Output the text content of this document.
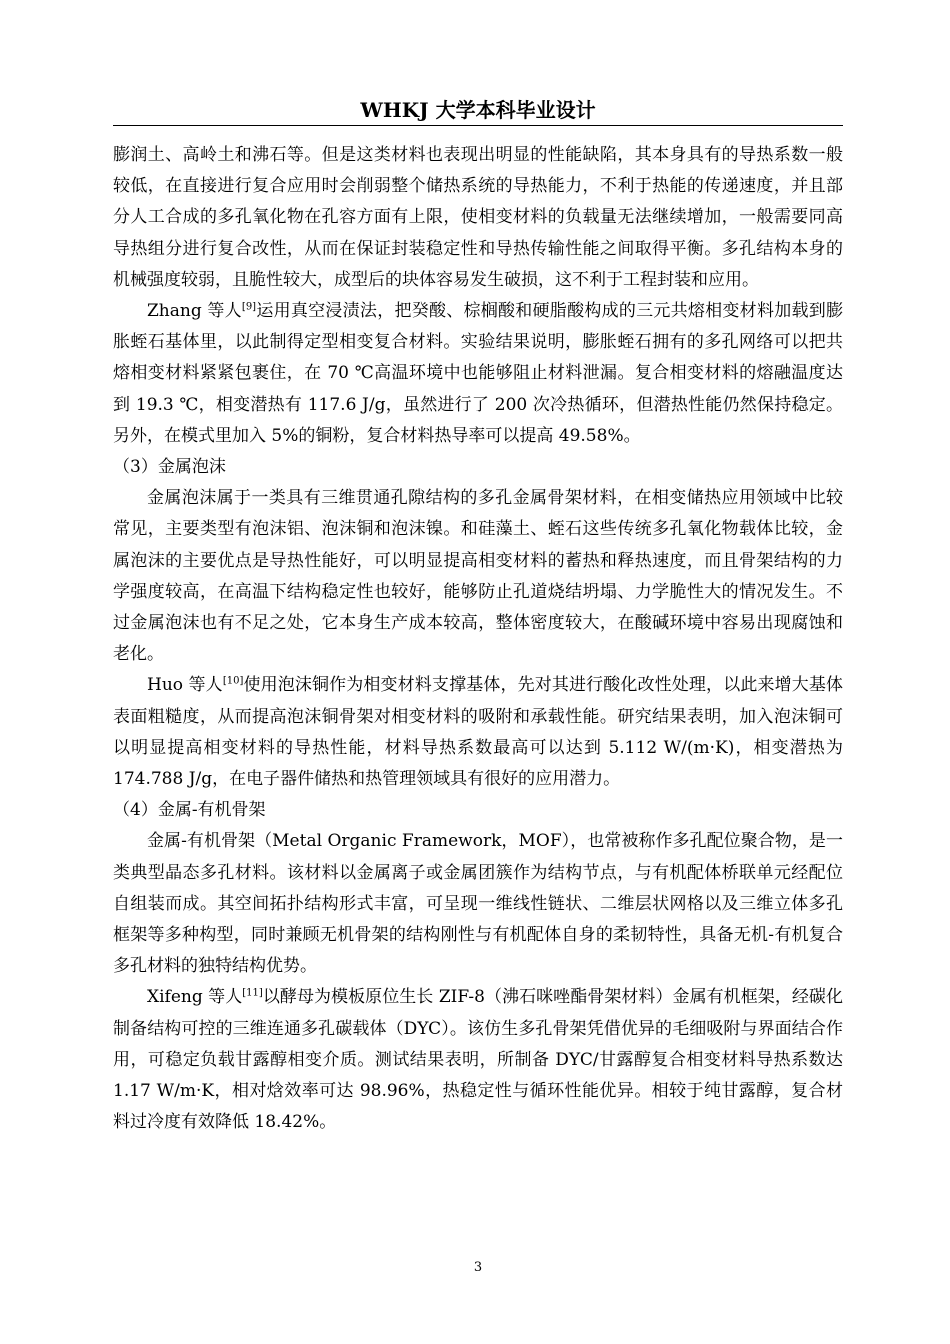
WHKJ 大学本科毕业设计

膨润土、高岭土和沸石等。但是这类材料也表现出明显的性能缺陷，其本身具有的导热系数一般较低，在直接进行复合应用时会削弱整个储热系统的导热能力，不利于热能的传递速度，并且部分人工合成的多孔氧化物在孔容方面有上限，使相变材料的负载量无法继续增加，一般需要同高导热组分进行复合改性，从而在保证封装稳定性和导热传输性能之间取得平衡。多孔结构本身的机械强度较弱，且脆性较大，成型后的块体容易发生破损，这不利于工程封装和应用。

Zhang 等人[9]运用真空浸渍法，把癸酸、棕榈酸和硬脂酸构成的三元共熔相变材料加载到膨胀蛭石基体里，以此制得定型相变复合材料。实验结果说明，膨胀蛭石拥有的多孔网络可以把共熔相变材料紧紧包裹住，在 70 ℃高温环境中也能够阻止材料泄漏。复合相变材料的熔融温度达到 19.3 ℃，相变潜热有 117.6 J/g，虽然进行了 200 次冷热循环，但潜热性能仍然保持稳定。另外，在模式里加入 5%的铜粉，复合材料热导率可以提高 49.58%。

（3）金属泡沫

金属泡沫属于一类具有三维贯通孔隙结构的多孔金属骨架材料，在相变储热应用领域中比较常见，主要类型有泡沫铝、泡沫铜和泡沫镍。和硅藻土、蛭石这些传统多孔氧化物载体比较，金属泡沫的主要优点是导热性能好，可以明显提高相变材料的蓄热和释热速度，而且骨架结构的力学强度较高，在高温下结构稳定性也较好，能够防止孔道烧结坍塌、力学脆性大的情况发生。不过金属泡沫也有不足之处，它本身生产成本较高，整体密度较大，在酸碱环境中容易出现腐蚀和老化。

Huo 等人[10]使用泡沫铜作为相变材料支撑基体，先对其进行酸化改性处理，以此来增大基体表面粗糙度，从而提高泡沫铜骨架对相变材料的吸附和承载性能。研究结果表明，加入泡沫铜可以明显提高相变材料的导热性能，材料导热系数最高可以达到 5.112 W/(m·K)，相变潜热为 174.788 J/g，在电子器件储热和热管理领域具有很好的应用潜力。

（4）金属-有机骨架

金属-有机骨架（Metal Organic Framework，MOF），也常被称作多孔配位聚合物，是一类典型晶态多孔材料。该材料以金属离子或金属团簇作为结构节点，与有机配体桥联单元经配位自组装而成。其空间拓扑结构形式丰富，可呈现一维线性链状、二维层状网格以及三维立体多孔框架等多种构型，同时兼顾无机骨架的结构刚性与有机配体自身的柔韧特性，具备无机-有机复合多孔材料的独特结构优势。

Xifeng 等人[11]以酵母为模板原位生长 ZIF-8（沸石咪唑酯骨架材料）金属有机框架，经碳化制备结构可控的三维连通多孔碳载体（DYC）。该仿生多孔骨架凭借优异的毛细吸附与界面结合作用，可稳定负载甘露醇相变介质。测试结果表明，所制备 DYC/甘露醇复合相变材料导热系数达 1.17 W/m·K，相对焓效率可达 98.96%，热稳定性与循环性能优异。相较于纯甘露醇，复合材料过冷度有效降低 18.42%。

3
